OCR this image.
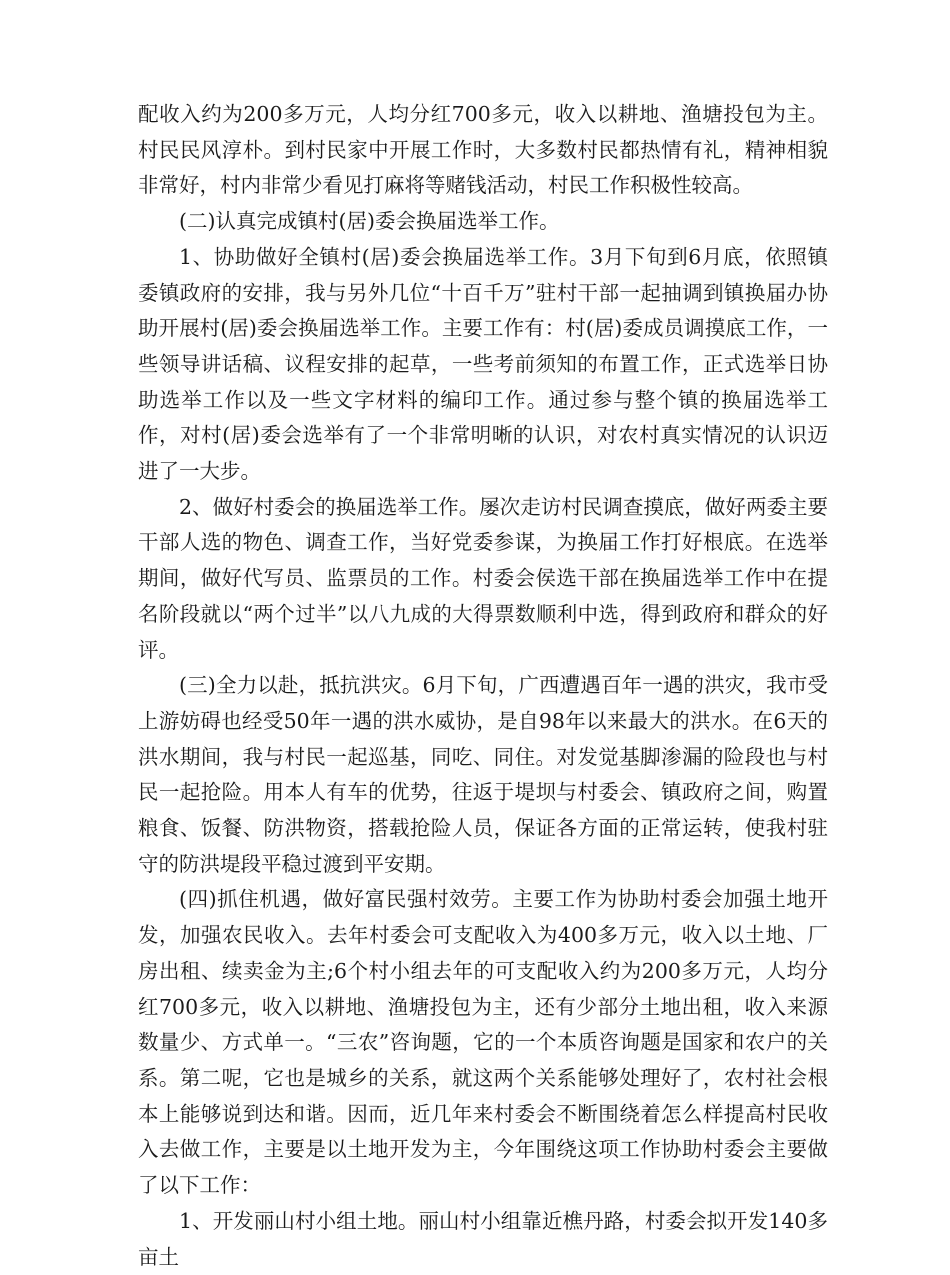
配收入约为200多万元，人均分红700多元，收入以耕地、渔塘投包为主。村民民风淳朴。到村民家中开展工作时，大多数村民都热情有礼，精神相貌非常好，村内非常少看见打麻将等赌钱活动，村民工作积极性较高。

(二)认真完成镇村(居)委会换届选举工作。

1、协助做好全镇村(居)委会换届选举工作。3月下旬到6月底，依照镇委镇政府的安排，我与另外几位“十百千万”驻村干部一起抽调到镇换届办协助开展村(居)委会换届选举工作。主要工作有：村(居)委成员调摸底工作，一些领导讲话稿、议程安排的起草，一些考前须知的布置工作，正式选举日协助选举工作以及一些文字材料的编印工作。通过参与整个镇的换届选举工作，对村(居)委会选举有了一个非常明晰的认识，对农村真实情况的认识迈进了一大步。

2、做好村委会的换届选举工作。屡次走访村民调查摸底，做好两委主要干部人选的物色、调查工作，当好党委参谋，为换届工作打好根底。在选举期间，做好代写员、监票员的工作。村委会侯选干部在换届选举工作中在提名阶段就以“两个过半”以八九成的大得票数顺利中选，得到政府和群众的好评。

(三)全力以赴，抵抗洪灾。6月下旬，广西遭遇百年一遇的洪灾，我市受上游妨碍也经受50年一遇的洪水威协，是自98年以来最大的洪水。在6天的洪水期间，我与村民一起巡基，同吃、同住。对发觉基脚渗漏的险段也与村民一起抢险。用本人有车的优势，往返于堤坝与村委会、镇政府之间，购置粮食、饭餐、防洪物资，搭载抢险人员，保证各方面的正常运转，使我村驻守的防洪堤段平稳过渡到平安期。

(四)抓住机遇，做好富民强村效劳。主要工作为协助村委会加强土地开发，加强农民收入。去年村委会可支配收入为400多万元，收入以土地、厂房出租、续卖金为主;6个村小组去年的可支配收入约为200多万元，人均分红700多元，收入以耕地、渔塘投包为主，还有少部分土地出租，收入来源数量少、方式单一。“三农”咨询题，它的一个本质咨询题是国家和农户的关系。第二呢，它也是城乡的关系，就这两个关系能够处理好了，农村社会根本上能够说到达和谐。因而，近几年来村委会不断围绕着怎么样提高村民收入去做工作，主要是以土地开发为主，今年围绕这项工作协助村委会主要做了以下工作：

1、开发丽山村小组土地。丽山村小组靠近樵丹路，村委会拟开发140多亩土
